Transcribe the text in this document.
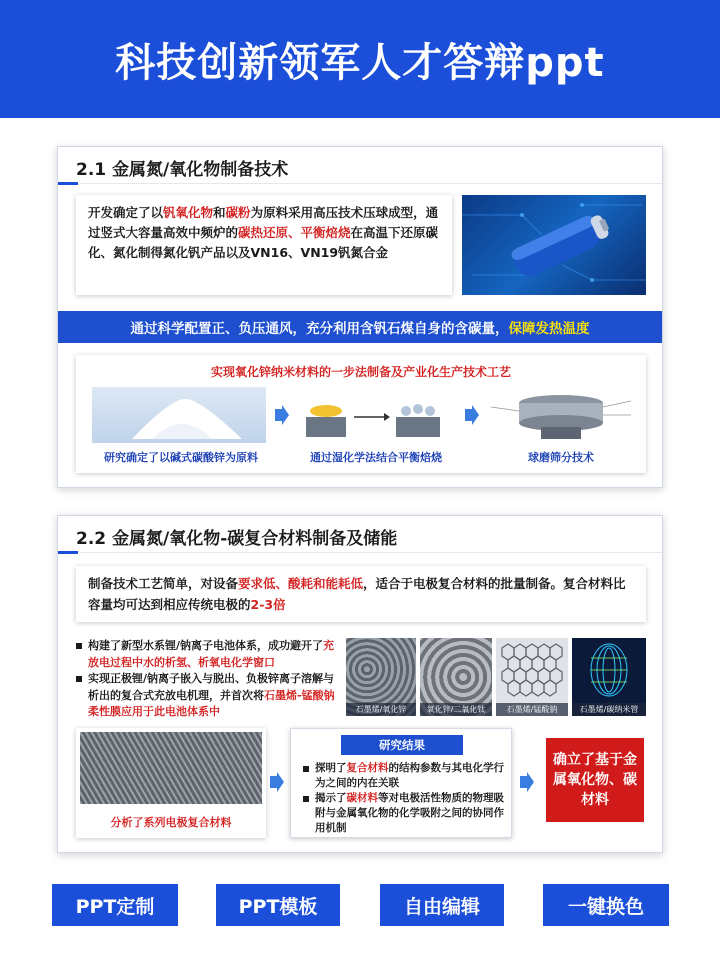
科技创新领军人才答辩ppt
2.1 金属氮/氧化物制备技术
开发确定了以钒氧化物和碳粉为原料采用高压技术压球成型，通过竖式大容量高效中频炉的碳热还原、平衡焙烧在高温下还原碳化、氮化制得氮化钒产品以及VN16、VN19钒氮合金
通过科学配置正、负压通风，充分利用含钒石煤自身的含碳量， 保障发热温度
实现氧化锌纳米材料的一步法制备及产业化生产技术工艺
研究确定了以碱式碳酸锌为原料	通过湿化学法结合平衡焙烧	球磨筛分技术
2.2 金属氮/氧化物-碳复合材料制备及储能
制备技术工艺简单，对设备要求低、酸耗和能耗低，适合于电极复合材料的批量制备。复合材料比容量均可达到相应传统电极的2-3倍
构建了新型水系锂/钠离子电池体系，成功避开了充放电过程中水的析氢、析氧电化学窗口
实现正极锂/钠离子嵌入与脱出、负极锌离子溶解与析出的复合式充放电机理，并首次将石墨烯-锰酸钠柔性膜应用于此电池体系中	石墨烯/氧化锌	氧化锌/二氧化钛	石墨烯/锰酸钠	石墨烯/碳纳米管
分析了系列电极复合材料
研究结果
探明了复合材料的结构参数与其电化学行为之间的内在关联
揭示了碳材料等对电极活性物质的物理吸附与金属氧化物的化学吸附之间的协同作用机制
确立了基于金属氧化物、碳材料
PPT定制	PPT模板	自由编辑	一键换色
